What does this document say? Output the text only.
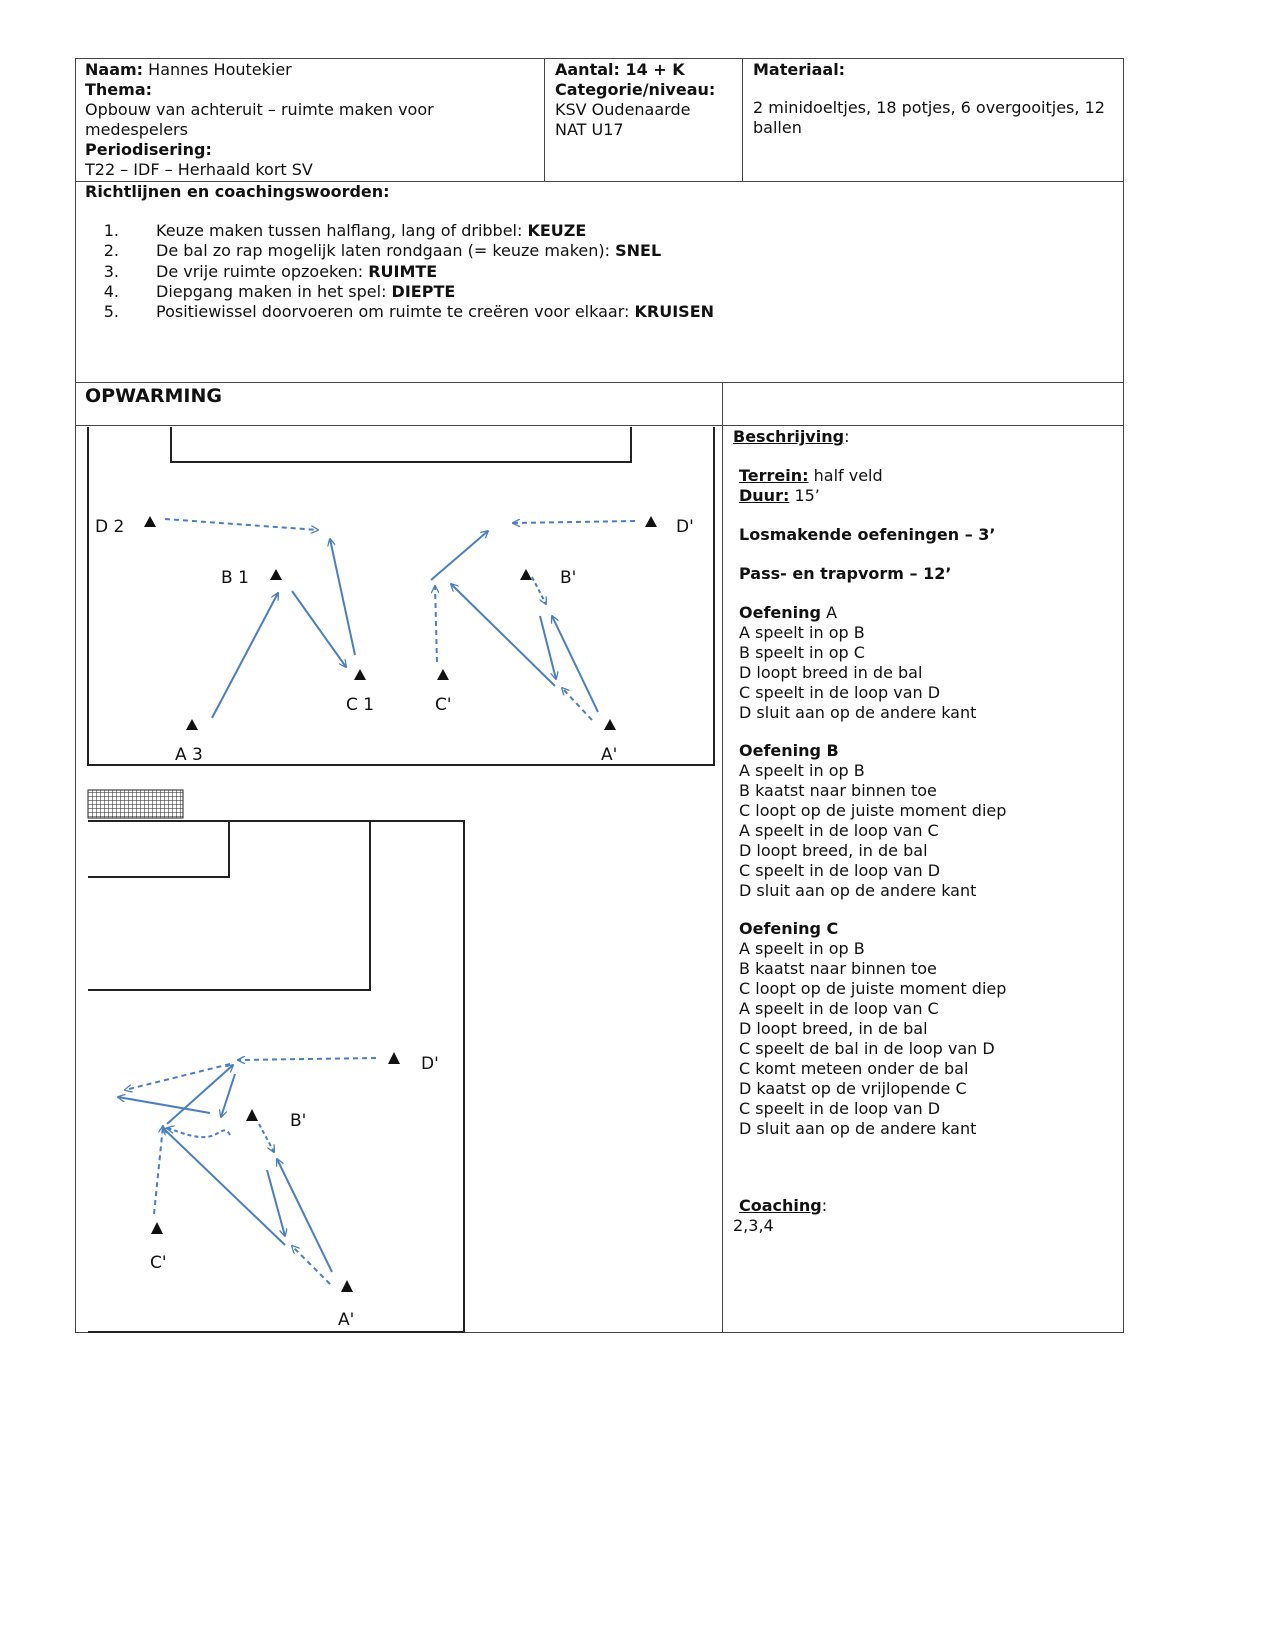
Naam: Hannes Houtekier
Thema:
Opbouw van achteruit – ruimte maken voor
medespelers
Periodisering:
T22 – IDF – Herhaald kort SV
Aantal: 14 + K
Categorie/niveau:
KSV Oudenaarde
NAT U17
Materiaal:
2 minidoeltjes, 18 potjes, 6 overgooitjes, 12
ballen
Richtlijnen en coachingswoorden:
1. Keuze maken tussen halflang, lang of dribbel: KEUZE
2. De bal zo rap mogelijk laten rondgaan (= keuze maken): SNEL
3. De vrije ruimte opzoeken: RUIMTE
4. Diepgang maken in het spel: DIEPTE
5. Positiewissel doorvoeren om ruimte te creëren voor elkaar: KRUISEN
OPWARMING
Beschrijving:
Terrein: half veld
Duur: 15’
Losmakende oefeningen – 3’
Pass- en trapvorm – 12’
Oefening A
A speelt in op B
B speelt in op C
D loopt breed in de bal
C speelt in de loop van D
D sluit aan op de andere kant
Oefening B
A speelt in op B
B kaatst naar binnen toe
C loopt op de juiste moment diep
A speelt in de loop van C
D loopt breed, in de bal
C speelt in de loop van D
D sluit aan op de andere kant
Oefening C
A speelt in op B
B kaatst naar binnen toe
C loopt op de juiste moment diep
A speelt in de loop van C
D loopt breed, in de bal
C speelt de bal in de loop van D
C komt meteen onder de bal
D kaatst op de vrijlopende C
C speelt in de loop van D
D sluit aan op de andere kant
Coaching:
2,3,4
D 2	D'
B 1	B'
C 1	C'
A 3	A'
D'
B'
C'
A'
